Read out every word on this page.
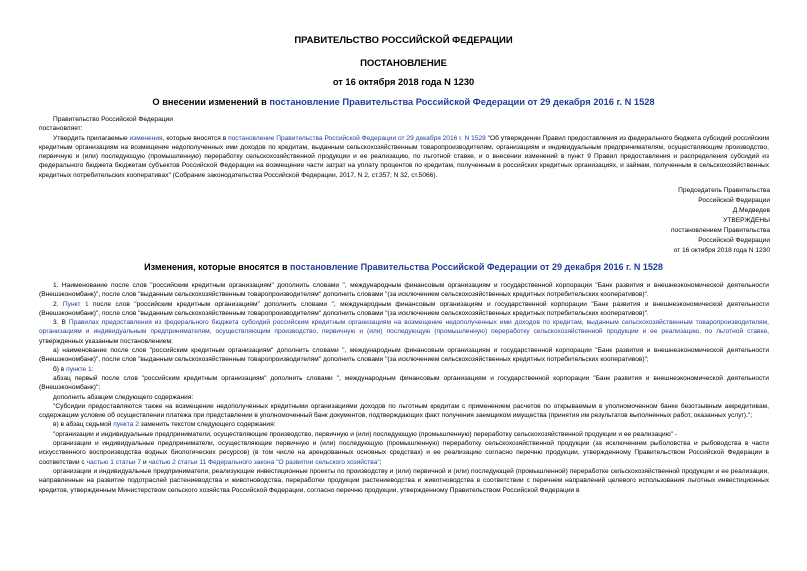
ПРАВИТЕЛЬСТВО РОССИЙСКОЙ ФЕДЕРАЦИИ
ПОСТАНОВЛЕНИЕ
от 16 октября 2018 года N 1230
О внесении изменений в постановление Правительства Российской Федерации от 29 декабря 2016 г. N 1528

Правительство Российской Федерации

постановляет:

Утвердить прилагаемые изменения, которые вносятся в постановление Правительства Российской Федерации от 29 декабря 2016 г. N 1528 "Об утверждении Правил предоставления из федерального бюджета субсидий российским кредитным организациям на возмещение недополученных ими доходов по кредитам, выданным сельскохозяйственным товаропроизводителям, организациям и индивидуальным предпринимателям, осуществляющим производство, первичную и (или) последующую (промышленную) переработку сельскохозяйственной продукции и ее реализацию, по льготной ставке, и о внесении изменений в пункт 9 Правил предоставления и распределения субсидий из федерального бюджета бюджетам субъектов Российской Федерации на возмещение части затрат на уплату процентов по кредитам, полученным в российских кредитных организациях, и займам, полученным в сельскохозяйственных кредитных потребительских кооперативах" (Собрание законодательства Российской Федерации, 2017, N 2, ст.357; N 32, ст.5066).

Председатель Правительства
Российской Федерации
Д.Медведев
УТВЕРЖДЕНЫ
постановлением Правительства
Российской Федерации
от 16 октября 2018 года N 1230
Изменения, которые вносятся в постановление Правительства Российской Федерации от 29 декабря 2016 г. N 1528

1. Наименование после слов "российским кредитным организациям" дополнить словами ", международным финансовым организациям и государственной корпорации "Банк развития и внешнеэкономической деятельности (Внешэкономбанк)", после слов "выданным сельскохозяйственным товаропроизводителям" дополнить словами "(за исключением сельскохозяйственных кредитных потребительских кооперативов)".

2. Пункт 1 после слов "российским кредитным организациям" дополнить словами ", международным финансовым организациям и государственной корпорации "Банк развития и внешнеэкономической деятельности (Внешэкономбанк)", после слов "выданным сельскохозяйственным товаропроизводителям" дополнить словами "(за исключением сельскохозяйственных кредитных потребительских кооперативов)".

3. В Правилах предоставления из федерального бюджета субсидий российским кредитным организациям на возмещение недополученных ими доходов по кредитам, выданным сельскохозяйственным товаропроизводителям, организациям и индивидуальным предпринимателям, осуществляющим производство, первичную и (или) последующую (промышленную) переработку сельскохозяйственной продукции и ее реализацию, по льготной ставке, утвержденных указанным постановлением:

а) наименование после слов "российским кредитным организациям" дополнить словами ", международным финансовым организациям и государственной корпорации "Банк развития и внешнеэкономической деятельности (Внешэкономбанк)", после слов "выданным сельскохозяйственным товаропроизводителям" дополнить словами "(за исключением сельскохозяйственных кредитных потребительских кооперативов)";

б) в пункте 1:

абзац первый после слов "российским кредитным организациям" дополнить словами ", международным финансовым организациям и государственной корпорации "Банк развития и внешнеэкономической деятельности (Внешэкономбанк)";

дополнить абзацем следующего содержания:

"Субсидии предоставляются также на возмещение недополученных кредитными организациями доходов по льготным кредитам с применением расчетов по открываемым в уполномоченном банке безотзывным аккредитивам, содержащим условие об осуществлении платежа при представлении в уполномоченный банк документов, подтверждающих факт получения заемщиком имущества (принятия им результатов выполненных работ, оказанных услуг).";

в) в абзац седьмой пункта 2 заменить текстом следующего содержания:

"организации и индивидуальные предприниматели, осуществляющие производство, первичную и (или) последующую (промышленную) переработку сельскохозяйственной продукции и ее реализацию" -

организации и индивидуальные предприниматели, осуществляющие первичную и (или) последующую (промышленную) переработку сельскохозяйственной продукции (за исключением рыболовства и рыбоводства в части искусственного воспроизводства водных биологических ресурсов) (в том числе на арендованных основных средствах) и ее реализацию согласно перечню продукции, утвержденному Правительством Российской Федерации в соответствии с частью 1 статьи 7 и частью 2 статьи 11 Федерального закона "О развитии сельского хозяйства";

организации и индивидуальные предприниматели, реализующие инвестиционные проекты по производству и (или) первичной и (или) последующей (промышленной) переработке сельскохозяйственной продукции и ее реализации, направленные на развитие подотраслей растениеводства и животноводства, переработки продукции растениеводства и животноводства в соответствии с перечнем направлений целевого использования льготных инвестиционных кредитов, утвержденным Министерством сельского хозяйства Российской Федерации, согласно перечню продукции, утвержденному Правительством Российской Федерации в
